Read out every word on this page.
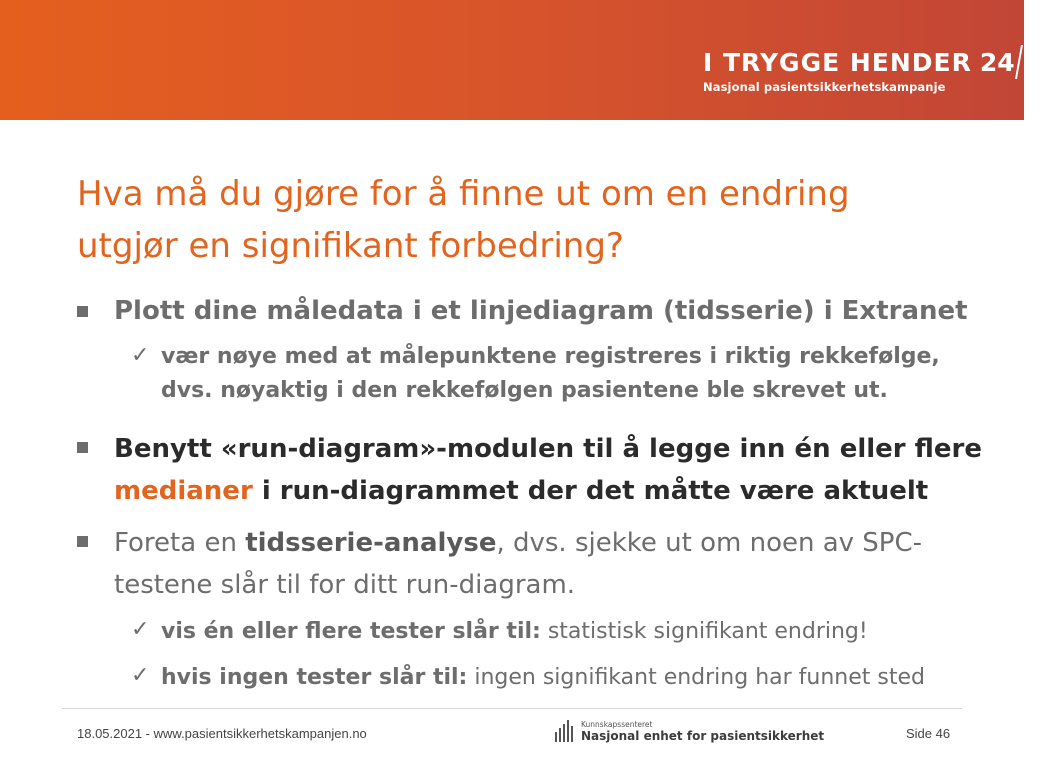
I TRYGGE HENDER 24 7
Nasjonal pasientsikkerhetskampanje
Hva må du gjøre for å finne ut om en endring
utgjør en signifikant forbedring?
Plott dine måledata i et linjediagram (tidsserie) i Extranet
✓ vær nøye med at målepunktene registreres i riktig rekkefølge,
dvs. nøyaktig i den rekkefølgen pasientene ble skrevet ut.
Benytt «run-diagram»-modulen til å legge inn én eller flere
medianer i run-diagrammet der det måtte være aktuelt
Foreta en tidsserie-analyse, dvs. sjekke ut om noen av SPC-
testene slår til for ditt run-diagram.
✓ vis én eller flere tester slår til: statistisk signifikant endring!
✓ hvis ingen tester slår til: ingen signifikant endring har funnet sted
18.05.2021 - www.pasientsikkerhetskampanjen.no
Kunnskapssenteret
Nasjonal enhet for pasientsikkerhet	Side 46
